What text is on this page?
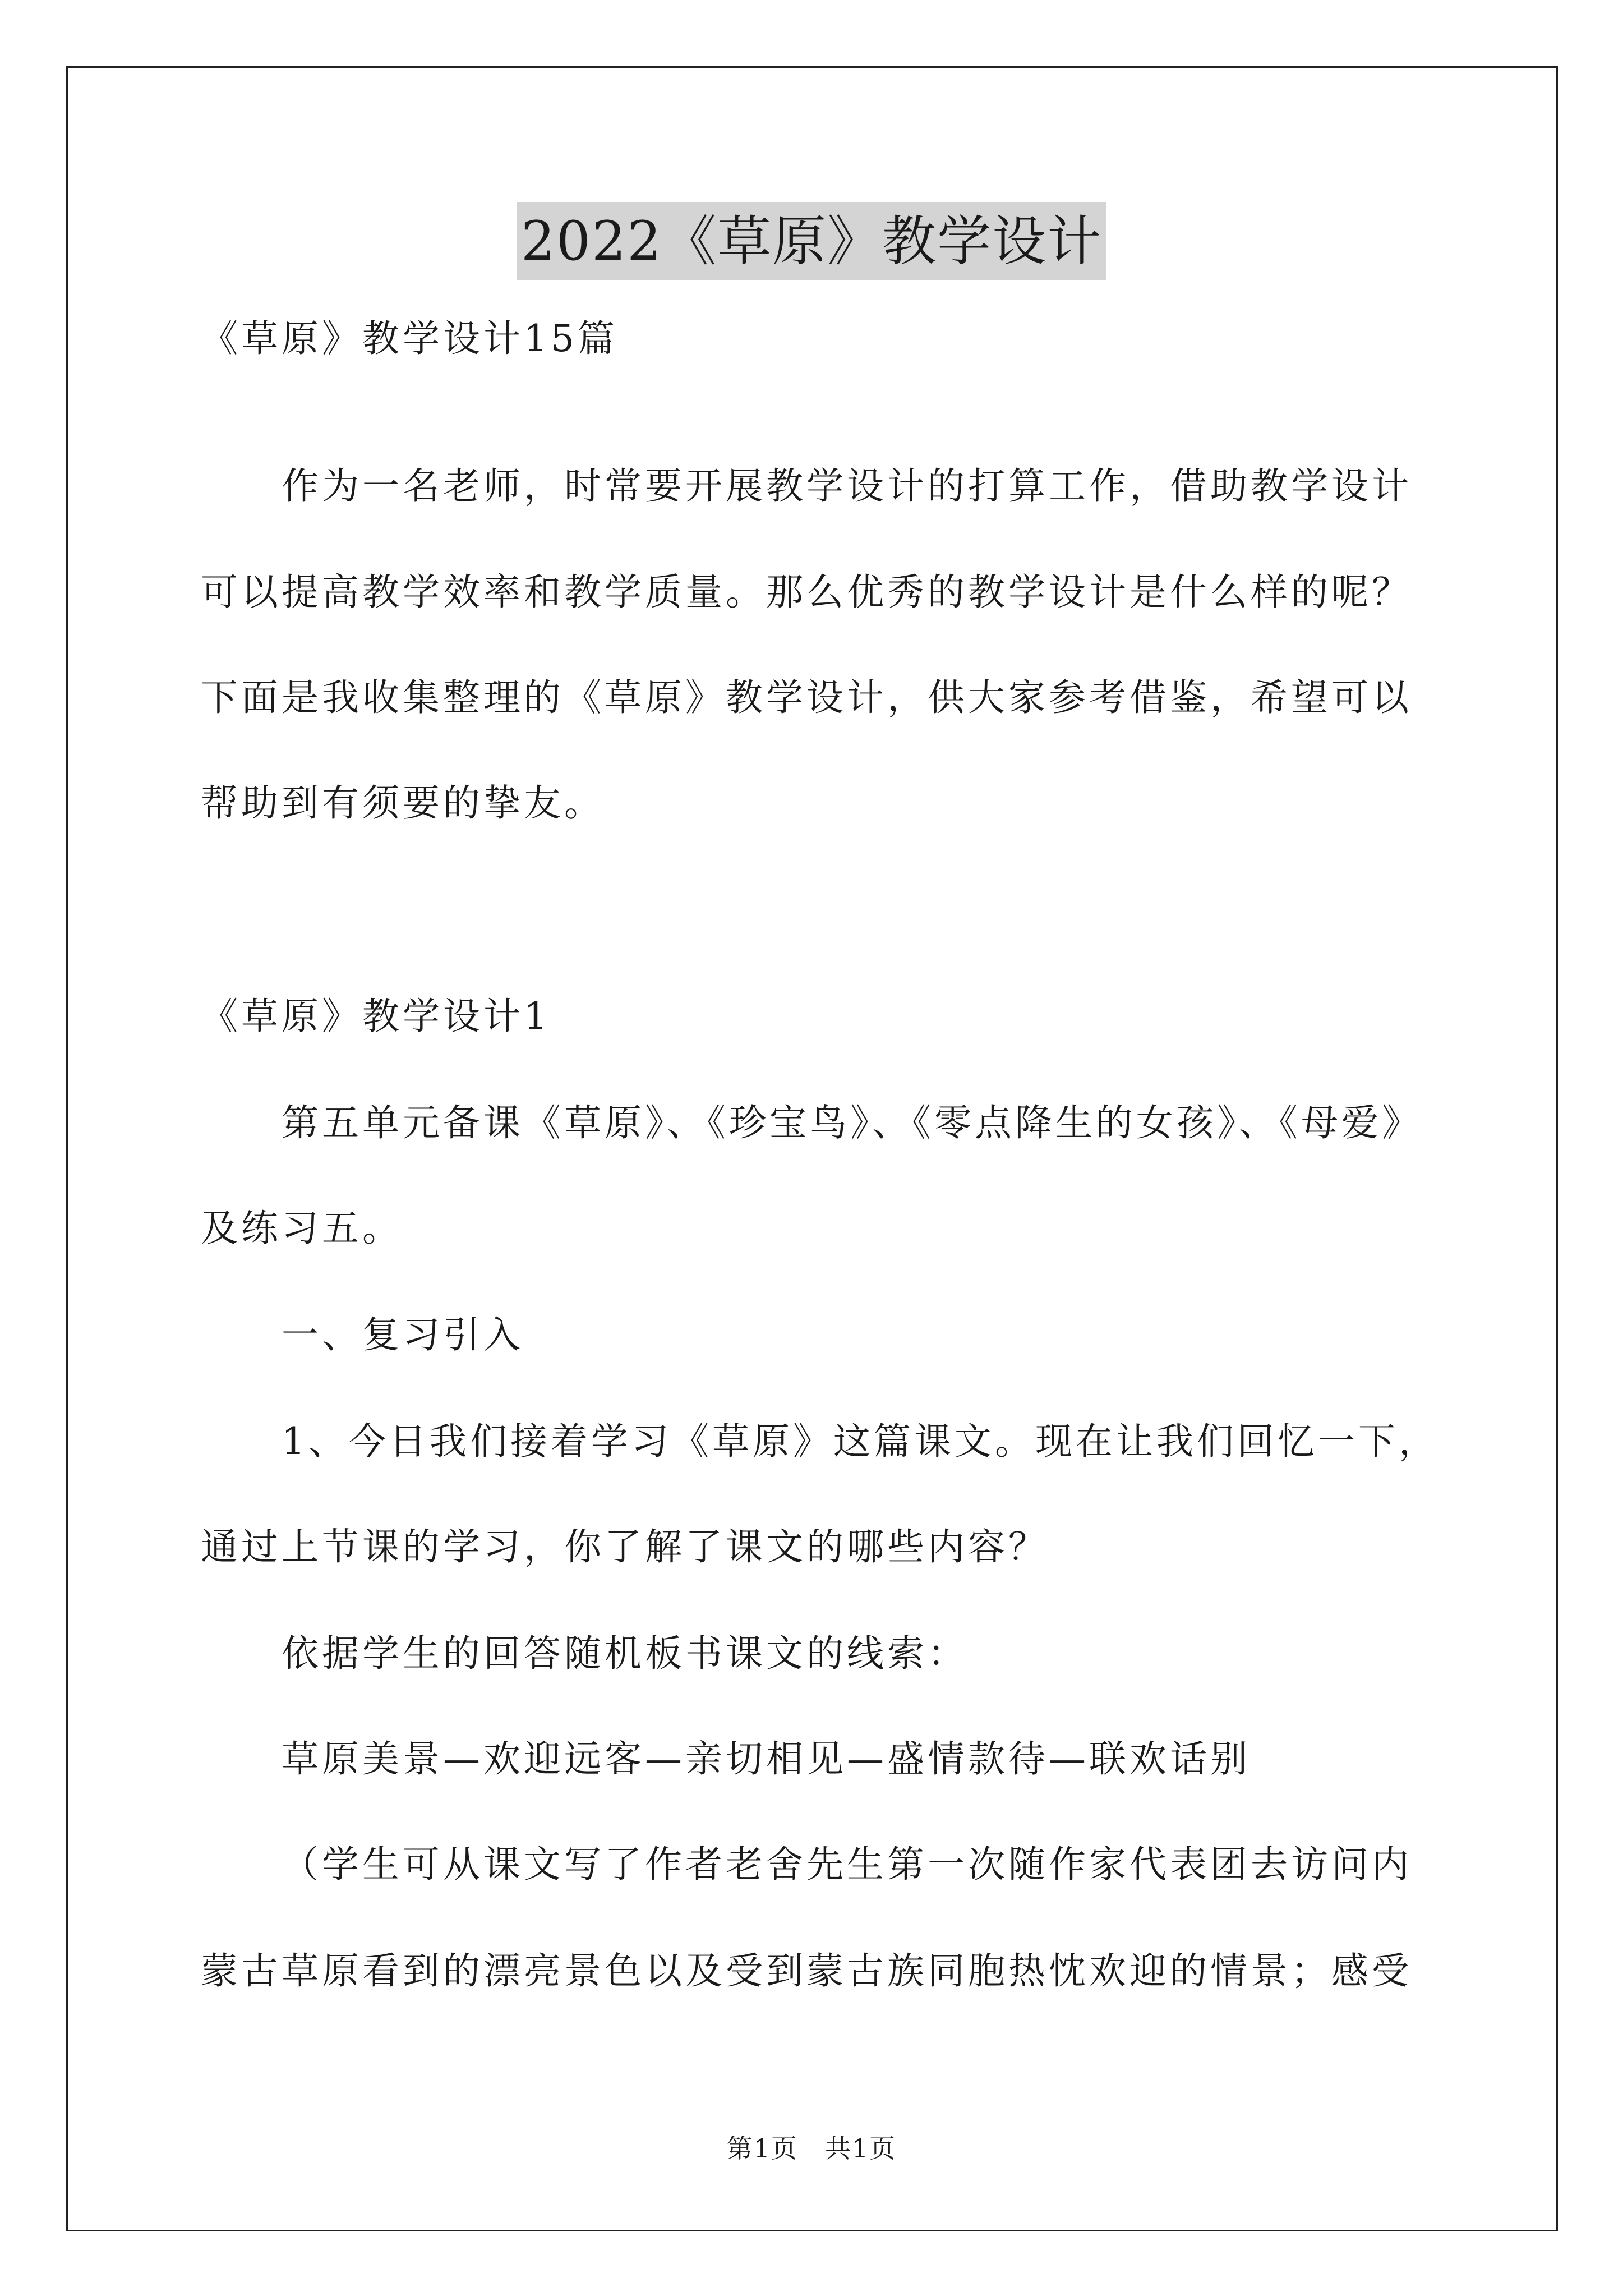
2022《草原》教学设计
《草原》教学设计15篇
作为一名老师，时常要开展教学设计的打算工作，借助教学设计
可以提高教学效率和教学质量。那么优秀的教学设计是什么样的呢？
下面是我收集整理的《草原》教学设计，供大家参考借鉴，希望可以
帮助到有须要的挚友。
《草原》教学设计1
第五单元备课《草原》、《珍宝鸟》、《零点降生的女孩》、《母爱》
及练习五。
一、复习引入
1、今日我们接着学习《草原》这篇课文。现在让我们回忆一下，
通过上节课的学习，你了解了课文的哪些内容？
依据学生的回答随机板书课文的线索：
草原美景—欢迎远客—亲切相见—盛情款待—联欢话别
（学生可从课文写了作者老舍先生第一次随作家代表团去访问内
蒙古草原看到的漂亮景色以及受到蒙古族同胞热忱欢迎的情景；感受
第1页　共1页
